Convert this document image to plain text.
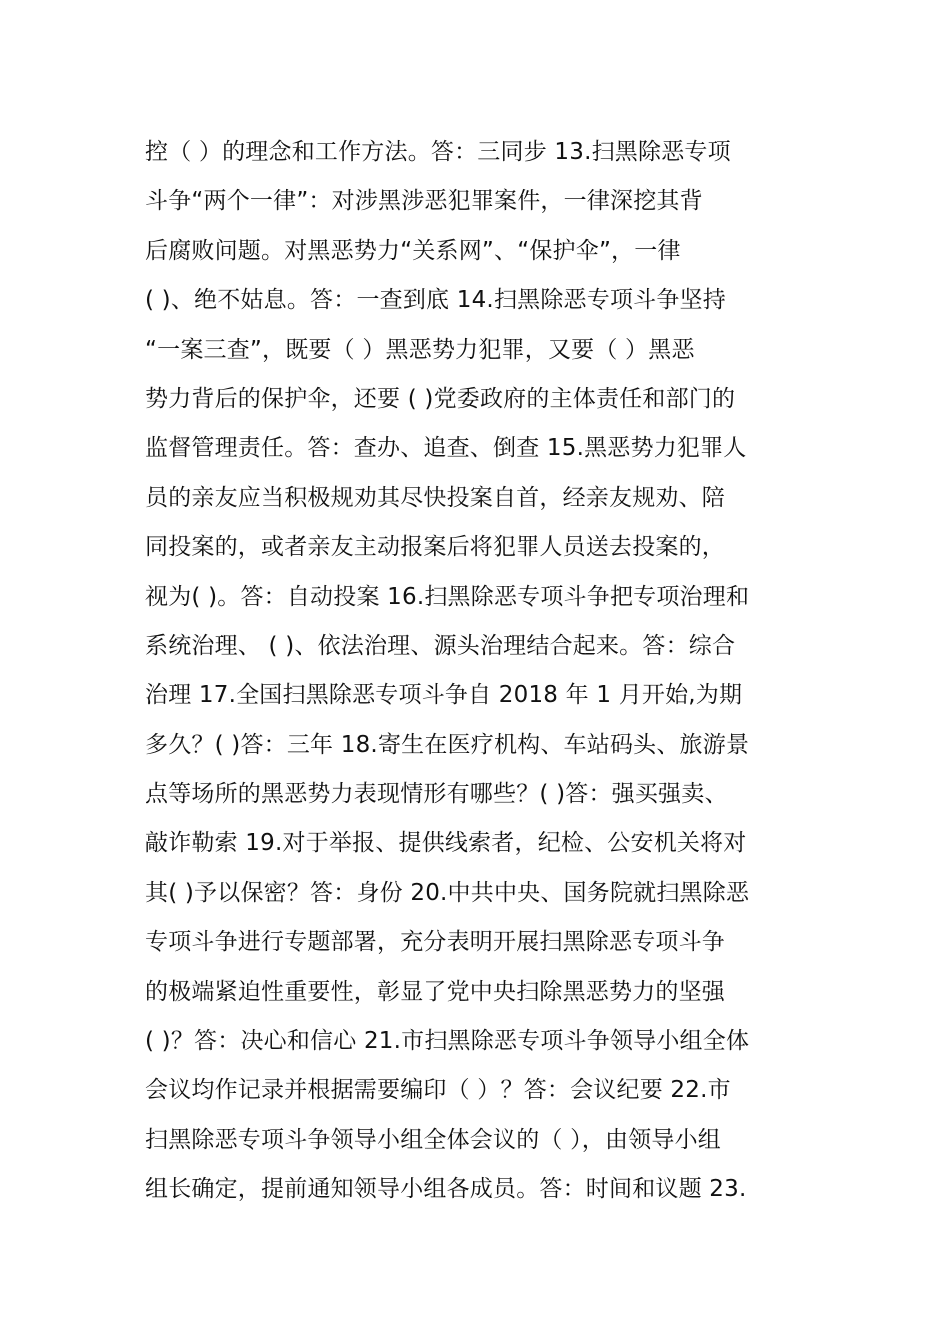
控（ ）的理念和工作方法。答：三同步 13.扫黑除恶专项
斗争“两个一律”：对涉黑涉恶犯罪案件，一律深挖其背
后腐败问题。对黑恶势力“关系网”、“保护伞”，一律
( )、绝不姑息。答：一查到底 14.扫黑除恶专项斗争坚持
“一案三查”，既要（ ）黑恶势力犯罪，又要（ ）黑恶
势力背后的保护伞，还要 ( )党委政府的主体责任和部门的
监督管理责任。答：查办、追查、倒查 15.黑恶势力犯罪人
员的亲友应当积极规劝其尽快投案自首，经亲友规劝、陪
同投案的，或者亲友主动报案后将犯罪人员送去投案的，
视为( )。答：自动投案 16.扫黑除恶专项斗争把专项治理和
系统治理、 ( )、依法治理、源头治理结合起来。答：综合
治理 17.全国扫黑除恶专项斗争自 2018 年 1 月开始,为期
多久？( )答：三年 18.寄生在医疗机构、车站码头、旅游景
点等场所的黑恶势力表现情形有哪些？( )答：强买强卖、
敲诈勒索 19.对于举报、提供线索者，纪检、公安机关将对
其( )予以保密？答：身份 20.中共中央、国务院就扫黑除恶
专项斗争进行专题部署，充分表明开展扫黑除恶专项斗争
的极端紧迫性重要性，彰显了党中央扫除黑恶势力的坚强
( )？答：决心和信心 21.市扫黑除恶专项斗争领导小组全体
会议均作记录并根据需要编印（ ）？答：会议纪要 22.市
扫黑除恶专项斗争领导小组全体会议的（ ），由领导小组
组长确定，提前通知领导小组各成员。答：时间和议题 23.
